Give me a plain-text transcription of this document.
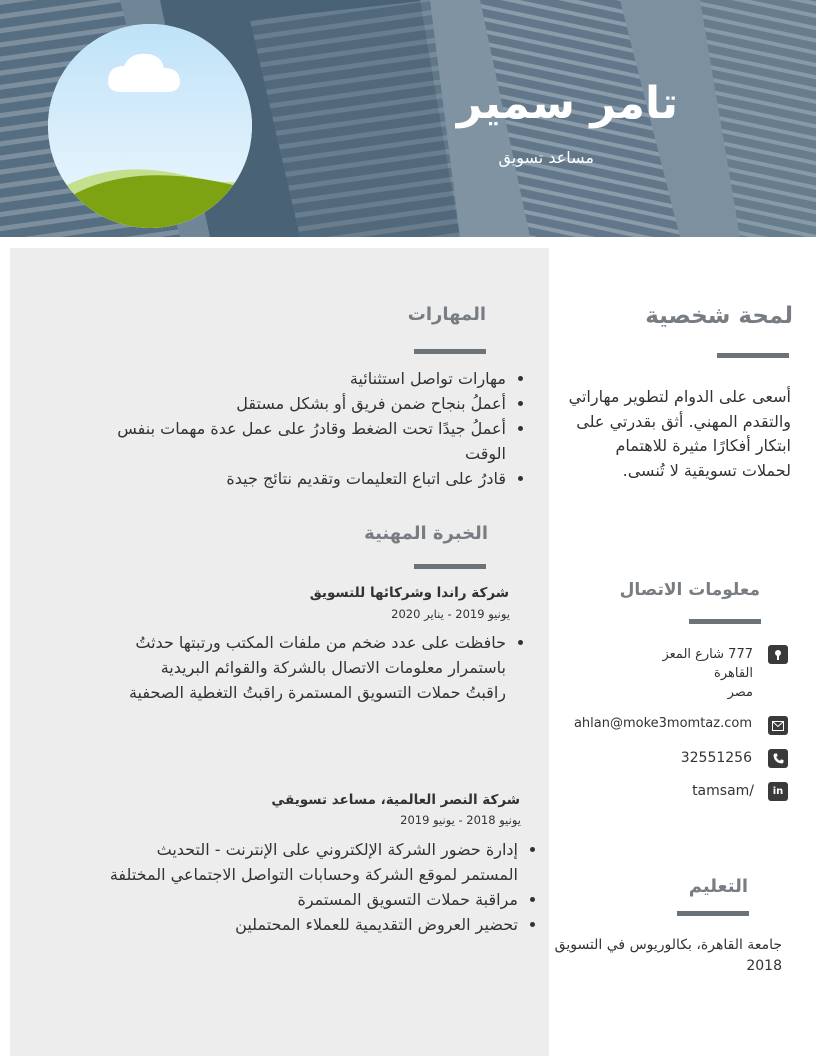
تامر سمير
مساعد تسويق
المهارات
• مهارات تواصل استثنائية
• أعملُ بنجاح ضمن فريق أو بشكل مستقل
• أعملُ جيدًا تحت الضغط وقادرُ على عمل عدة مهمات بنفس الوقت
• قادرُ على اتباع التعليمات وتقديم نتائج جيدة
الخبرة المهنية
شركة راندا وشركائها للتسويق
يونيو 2019 - يناير 2020
• حافظت على عدد ضخم من ملفات المكتب ورتبتها حدثتُ باستمرار معلومات الاتصال بالشركة والقوائم البريدية راقبتُ حملات التسويق المستمرة راقبتُ التغطية الصحفية
شركة النصر العالمية، مساعد تسويقي
يونيو 2018 - يونيو 2019
• إدارة حضور الشركة الإلكتروني على الإنترنت - التحديث المستمر لموقع الشركة وحسابات التواصل الاجتماعي المختلفة
• مراقبة حملات التسويق المستمرة
• تحضير العروض التقديمية للعملاء المحتملين
لمحة شخصية
أسعى على الدوام لتطوير مهاراتي والتقدم المهني. أثق بقدرتي على ابتكار أفكارًا مثيرة للاهتمام لحملات تسويقية لا تُنسى.
معلومات الاتصال
777 شارع المعز
القاهرة
مصر
ahlan@moke3momtaz.com
32551256
in
tamsam/
التعليم
جامعة القاهرة، بكالوريوس في التسويق 2018
